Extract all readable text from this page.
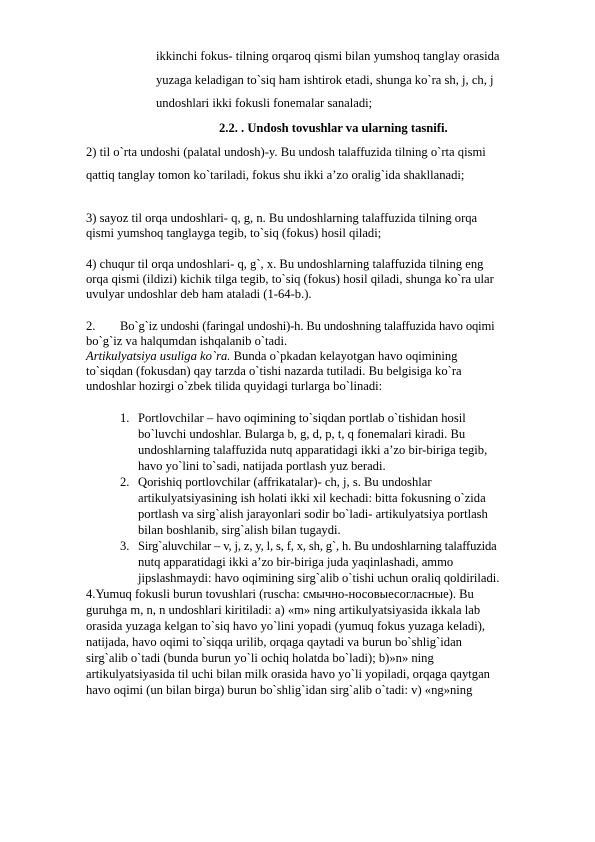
ikkinchi fokus- tilning orqaroq qismi bilan yumshoq tanglay orasida
yuzaga keladigan to`siq ham ishtirok etadi, shunga ko`ra sh, j, ch, j
undoshlari ikki fokusli fonemalar sanaladi;
2.2. . Undosh tovushlar va ularning tasnifi.
2) til o`rta undoshi (palatal undosh)-y. Bu undosh talaffuzida tilning o`rta qismi
qattiq tanglay tomon ko`tariladi, fokus shu ikki a’zo oralig`ida shakllanadi;
3) sayoz til orqa undoshlari- q, g, n. Bu undoshlarning talaffuzida tilning orqa
qismi yumshoq tanglayga tegib, to`siq (fokus) hosil qiladi;
4) chuqur til orqa undoshlari- q, g`, x. Bu undoshlarning talaffuzida tilning eng
orqa qismi (ildizi) kichik tilga tegib, to`siq (fokus) hosil qiladi, shunga ko`ra ular
uvulyar undoshlar deb ham ataladi (1-64-b.).
2. Bo`g`iz undoshi (faringal undoshi)-h. Bu undoshning talaffuzida havo oqimi
bo`g`iz va halqumdan ishqalanib o`tadi.
Artikulyatsiya usuliga ko`ra. Bunda o`pkadan kelayotgan havo oqimining
to`siqdan (fokusdan) qay tarzda o`tishi nazarda tutiladi. Bu belgisiga ko`ra
undoshlar hozirgi o`zbek tilida quyidagi turlarga bo`linadi:
1. Portlovchilar – havo oqimining to`siqdan portlab o`tishidan hosil
bo`luvchi undoshlar. Bularga b, g, d, p, t, q fonemalari kiradi. Bu
undoshlarning talaffuzida nutq apparatidagi ikki a’zo bir-biriga tegib,
havo yo`lini to`sadi, natijada portlash yuz beradi.
2. Qorishiq portlovchilar (affrikatalar)- ch, j, s. Bu undoshlar
artikulyatsiyasining ish holati ikki xil kechadi: bitta fokusning o`zida
portlash va sirg`alish jarayonlari sodir bo`ladi- artikulyatsiya portlash
bilan boshlanib, sirg`alish bilan tugaydi.
3. Sirg`aluvchilar – v, j, z, y, l, s, f, x, sh, g`, h. Bu undoshlarning talaffuzida
nutq apparatidagi ikki a’zo bir-biriga juda yaqinlashadi, ammo
jipslashmaydi: havo oqimining sirg`alib o`tishi uchun oraliq qoldiriladi.
4.Yumuq fokusli burun tovushlari (ruscha: смычно-носовыесогласные). Bu
guruhga m, n, n undoshlari kiritiladi: a) «m» ning artikulyatsiyasida ikkala lab
orasida yuzaga kelgan to`siq havo yo`lini yopadi (yumuq fokus yuzaga keladi),
natijada, havo oqimi to`siqqa urilib, orqaga qaytadi va burun bo`shlig`idan
sirg`alib o`tadi (bunda burun yo`li ochiq holatda bo`ladi); b)»n» ning
artikulyatsiyasida til uchi bilan milk orasida havo yo`li yopiladi, orqaga qaytgan
havo oqimi (un bilan birga) burun bo`shlig`idan sirg`alib o`tadi: v) «ng»ning
